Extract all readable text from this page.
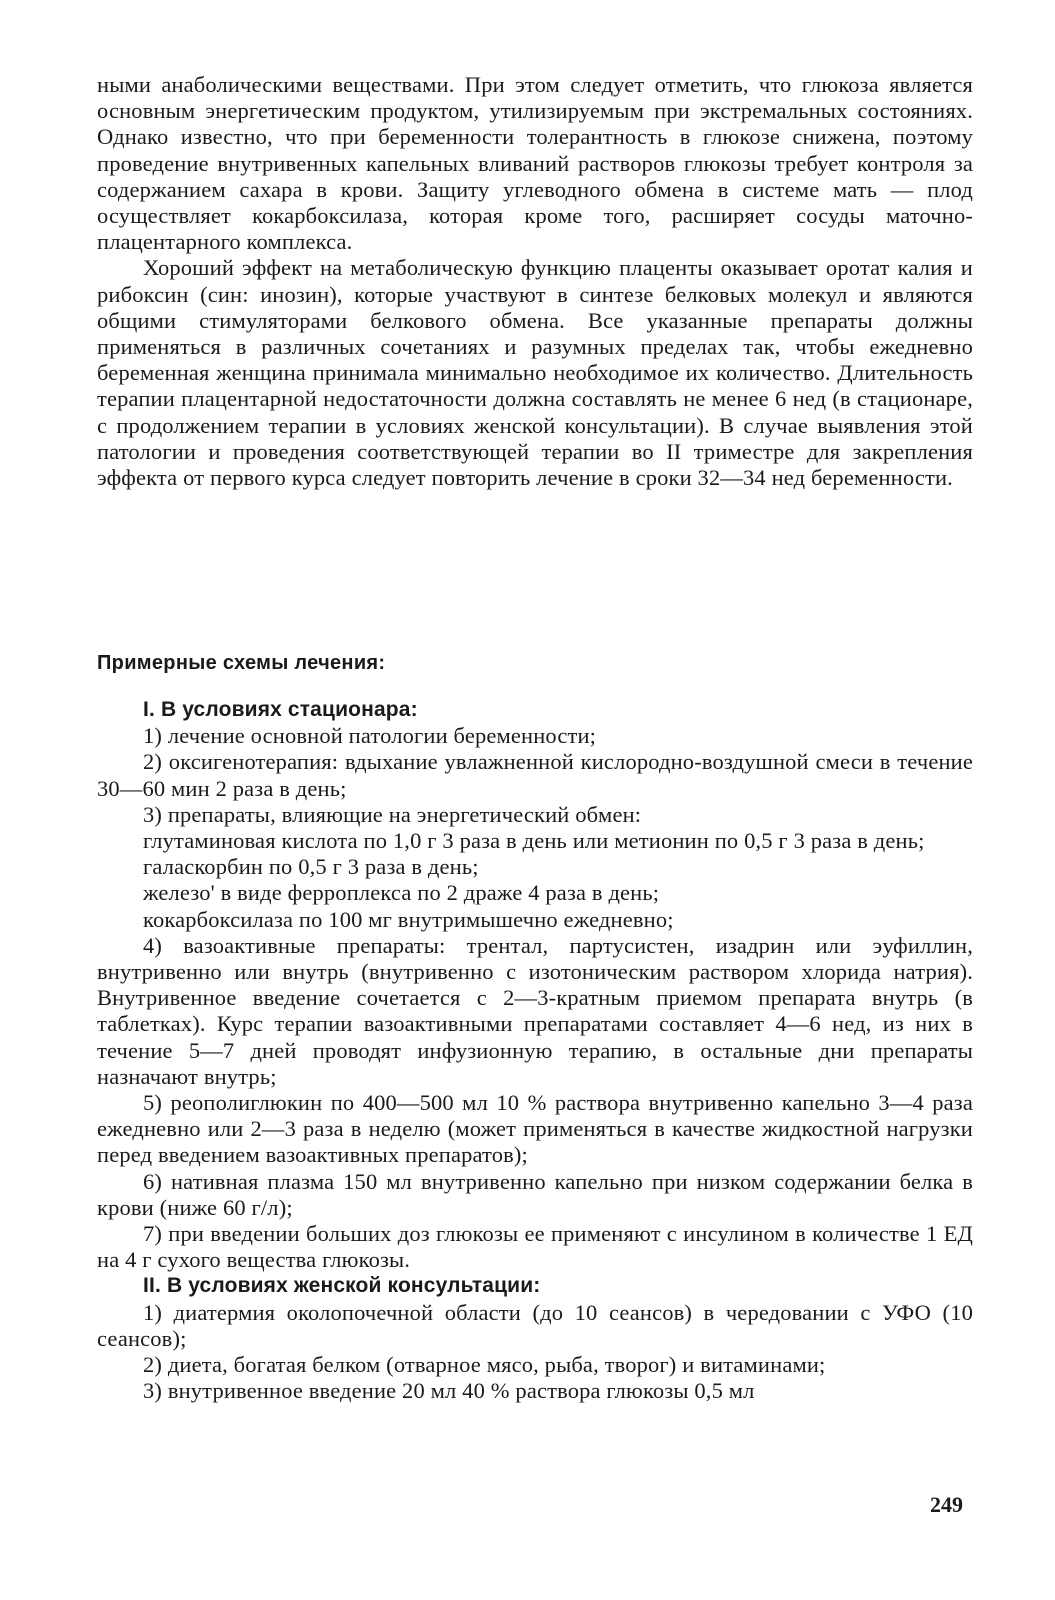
ными анаболическими веществами. При этом следует отметить, что глюкоза является основным энергетическим продуктом, утилизируемым при экстремальных состояниях. Однако известно, что при беременности толерантность в глюкозе снижена, поэтому проведение внутривенных капельных вливаний растворов глюкозы требует контроля за содержанием сахара в крови. Защиту углеводного обмена в системе мать — плод осуществляет кокарбоксилаза, которая кроме того, расширяет сосуды маточно-плацентарного комплекса.

Хороший эффект на метаболическую функцию плаценты оказывает оротат калия и рибоксин (син: инозин), которые участвуют в синтезе белковых молекул и являются общими стимуляторами белкового обмена. Все указанные препараты должны применяться в различных сочетаниях и разумных пределах так, чтобы ежедневно беременная женщина принимала минимально необходимое их количество. Длительность терапии плацентарной недостаточности должна составлять не менее 6 нед (в стационаре, с продолжением терапии в условиях женской консультации). В случае выявления этой патологии и проведения соответствующей терапии во II триместре для закрепления эффекта от первого курса следует повторить лечение в сроки 32—34 нед беременности.

Примерные схемы лечения:

I. В условиях стационара:

1) лечение основной патологии беременности;

2) оксигенотерапия: вдыхание увлажненной кислородно-воздушной смеси в течение 30—60 мин 2 раза в день;

3) препараты, влияющие на энергетический обмен:

глутаминовая кислота по 1,0 г 3 раза в день или метионин по 0,5 г 3 раза в день;

галаскорбин по 0,5 г 3 раза в день;

железо' в виде ферроплекса по 2 драже 4 раза в день;

кокарбоксилаза по 100 мг внутримышечно ежедневно;

4) вазоактивные препараты: трентал, партусистен, изадрин или эуфиллин, внутривенно или внутрь (внутривенно с изотоническим раствором хлорида натрия). Внутривенное введение сочетается с 2—3-кратным приемом препарата внутрь (в таблетках). Курс терапии вазоактивными препаратами составляет 4—6 нед, из них в течение 5—7 дней проводят инфузионную терапию, в остальные дни препараты назначают внутрь;

5) реополиглюкин по 400—500 мл 10 % раствора внутривенно капельно 3—4 раза ежедневно или 2—3 раза в неделю (может применяться в качестве жидкостной нагрузки перед введением вазоактивных препаратов);

6) нативная плазма 150 мл внутривенно капельно при низком содержании белка в крови (ниже 60 г/л);

7) при введении больших доз глюкозы ее применяют с инсулином в количестве 1 ЕД на 4 г сухого вещества глюкозы.

II. В условиях женской консультации:

1) диатермия околопочечной области (до 10 сеансов) в чередовании с УФО (10 сеансов);

2) диета, богатая белком (отварное мясо, рыба, творог) и витаминами;

3) внутривенное введение 20 мл 40 % раствора глюкозы 0,5 мл

249
